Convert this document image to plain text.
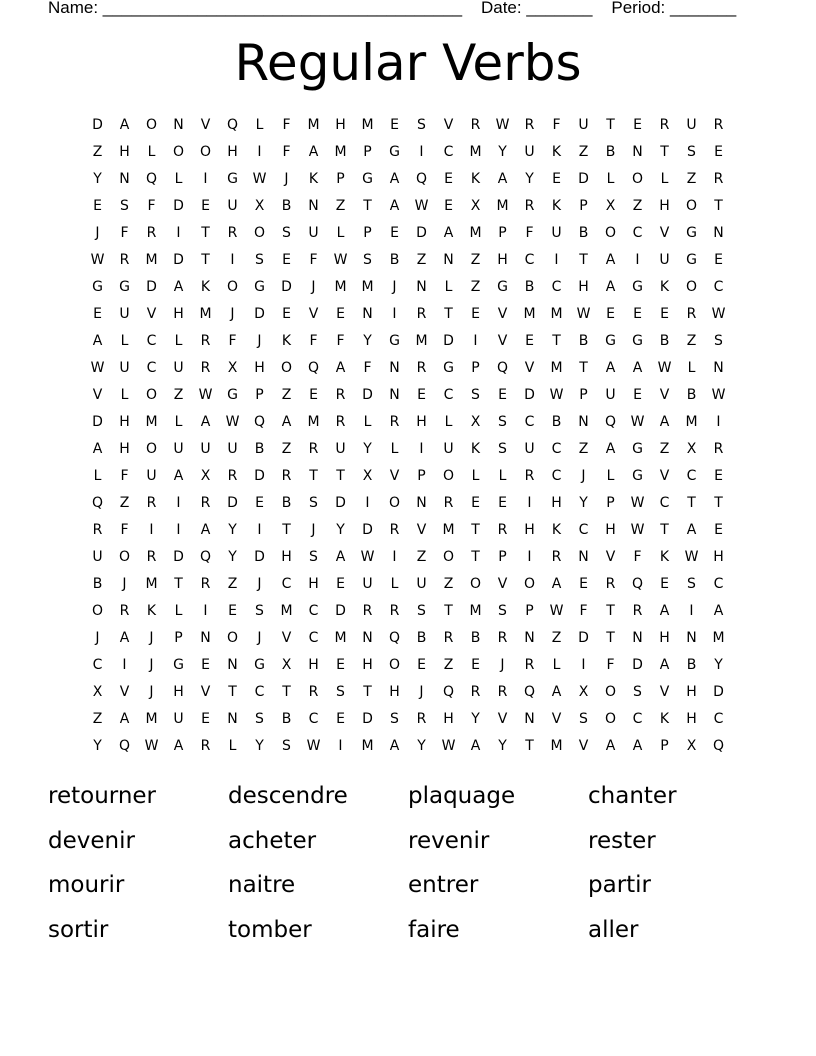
Name: ______________________________________    Date: _______    Period: _______
Regular Verbs
D	A	O	N	V	Q	L	F	M	H	M	E	S	V	R	W	R	F	U	T	E	R	U	R
Z	H	L	O	O	H	I	F	A	M	P	G	I	C	M	Y	U	K	Z	B	N	T	S	E
Y	N	Q	L	I	G	W	J	K	P	G	A	Q	E	K	A	Y	E	D	L	O	L	Z	R
E	S	F	D	E	U	X	B	N	Z	T	A	W	E	X	M	R	K	P	X	Z	H	O	T
J	F	R	I	T	R	O	S	U	L	P	E	D	A	M	P	F	U	B	O	C	V	G	N
W	R	M	D	T	I	S	E	F	W	S	B	Z	N	Z	H	C	I	T	A	I	U	G	E
G	G	D	A	K	O	G	D	J	M	M	J	N	L	Z	G	B	C	H	A	G	K	O	C
E	U	V	H	M	J	D	E	V	E	N	I	R	T	E	V	M	M	W	E	E	E	R	W
A	L	C	L	R	F	J	K	F	F	Y	G	M	D	I	V	E	T	B	G	G	B	Z	S
W	U	C	U	R	X	H	O	Q	A	F	N	R	G	P	Q	V	M	T	A	A	W	L	N
V	L	O	Z	W	G	P	Z	E	R	D	N	E	C	S	E	D	W	P	U	E	V	B	W
D	H	M	L	A	W	Q	A	M	R	L	R	H	L	X	S	C	B	N	Q	W	A	M	I
A	H	O	U	U	U	B	Z	R	U	Y	L	I	U	K	S	U	C	Z	A	G	Z	X	R
L	F	U	A	X	R	D	R	T	T	X	V	P	O	L	L	R	C	J	L	G	V	C	E
Q	Z	R	I	R	D	E	B	S	D	I	O	N	R	E	E	I	H	Y	P	W	C	T	T
R	F	I	I	A	Y	I	T	J	Y	D	R	V	M	T	R	H	K	C	H	W	T	A	E
U	O	R	D	Q	Y	D	H	S	A	W	I	Z	O	T	P	I	R	N	V	F	K	W	H
B	J	M	T	R	Z	J	C	H	E	U	L	U	Z	O	V	O	A	E	R	Q	E	S	C
O	R	K	L	I	E	S	M	C	D	R	R	S	T	M	S	P	W	F	T	R	A	I	A
J	A	J	P	N	O	J	V	C	M	N	Q	B	R	B	R	N	Z	D	T	N	H	N	M
C	I	J	G	E	N	G	X	H	E	H	O	E	Z	E	J	R	L	I	F	D	A	B	Y
X	V	J	H	V	T	C	T	R	S	T	H	J	Q	R	R	Q	A	X	O	S	V	H	D
Z	A	M	U	E	N	S	B	C	E	D	S	R	H	Y	V	N	V	S	O	C	K	H	C
Y	Q	W	A	R	L	Y	S	W	I	M	A	Y	W	A	Y	T	M	V	A	A	P	X	Q
retourner	descendre	plaquage	chanter
devenir	acheter	revenir	rester
mourir	naitre	entrer	partir
sortir	tomber	faire	aller
